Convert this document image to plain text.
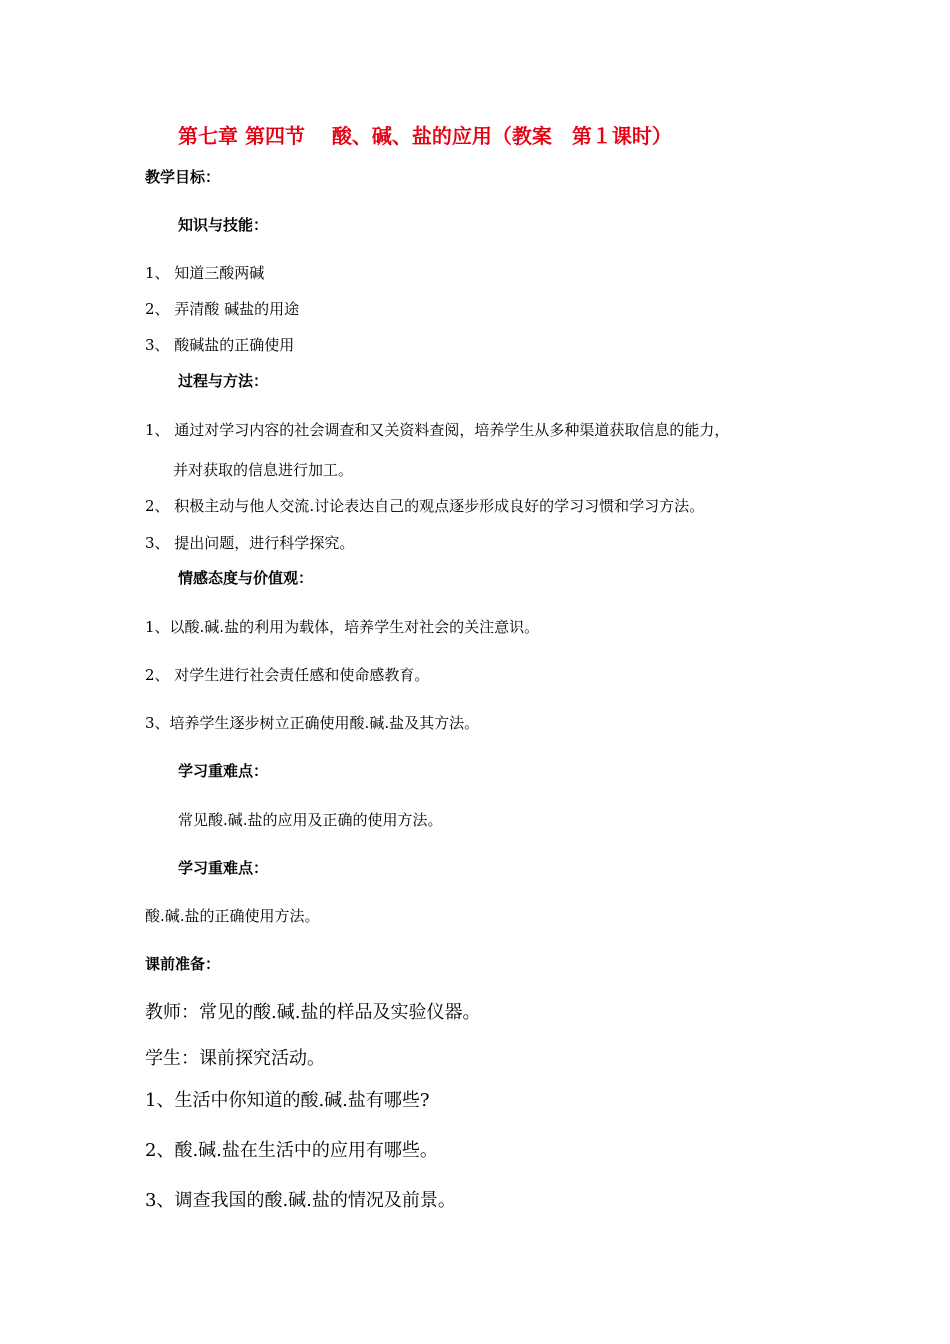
第七章 第四节　 酸、碱、盐的应用（教案　第１课时）
教学目标：
知识与技能：
1、 知道三酸两碱
2、 弄清酸 碱盐的用途
3、 酸碱盐的正确使用
过程与方法：
1、 通过对学习内容的社会调查和又关资料查阅，培养学生从多种渠道获取信息的能力，
并对获取的信息进行加工。
2、 积极主动与他人交流.讨论表达自己的观点逐步形成良好的学习习惯和学习方法。
3、 提出问题，进行科学探究。
情感态度与价值观：
1、以酸.碱.盐的利用为载体，培养学生对社会的关注意识。
2、 对学生进行社会责任感和使命感教育。
3、培养学生逐步树立正确使用酸.碱.盐及其方法。
学习重难点：
常见酸.碱.盐的应用及正确的使用方法。
学习重难点：
酸.碱.盐的正确使用方法。
课前准备：
教师：常见的酸.碱.盐的样品及实验仪器。
学生：课前探究活动。
1、生活中你知道的酸.碱.盐有哪些?
2、酸.碱.盐在生活中的应用有哪些。
3、调查我国的酸.碱.盐的情况及前景。
